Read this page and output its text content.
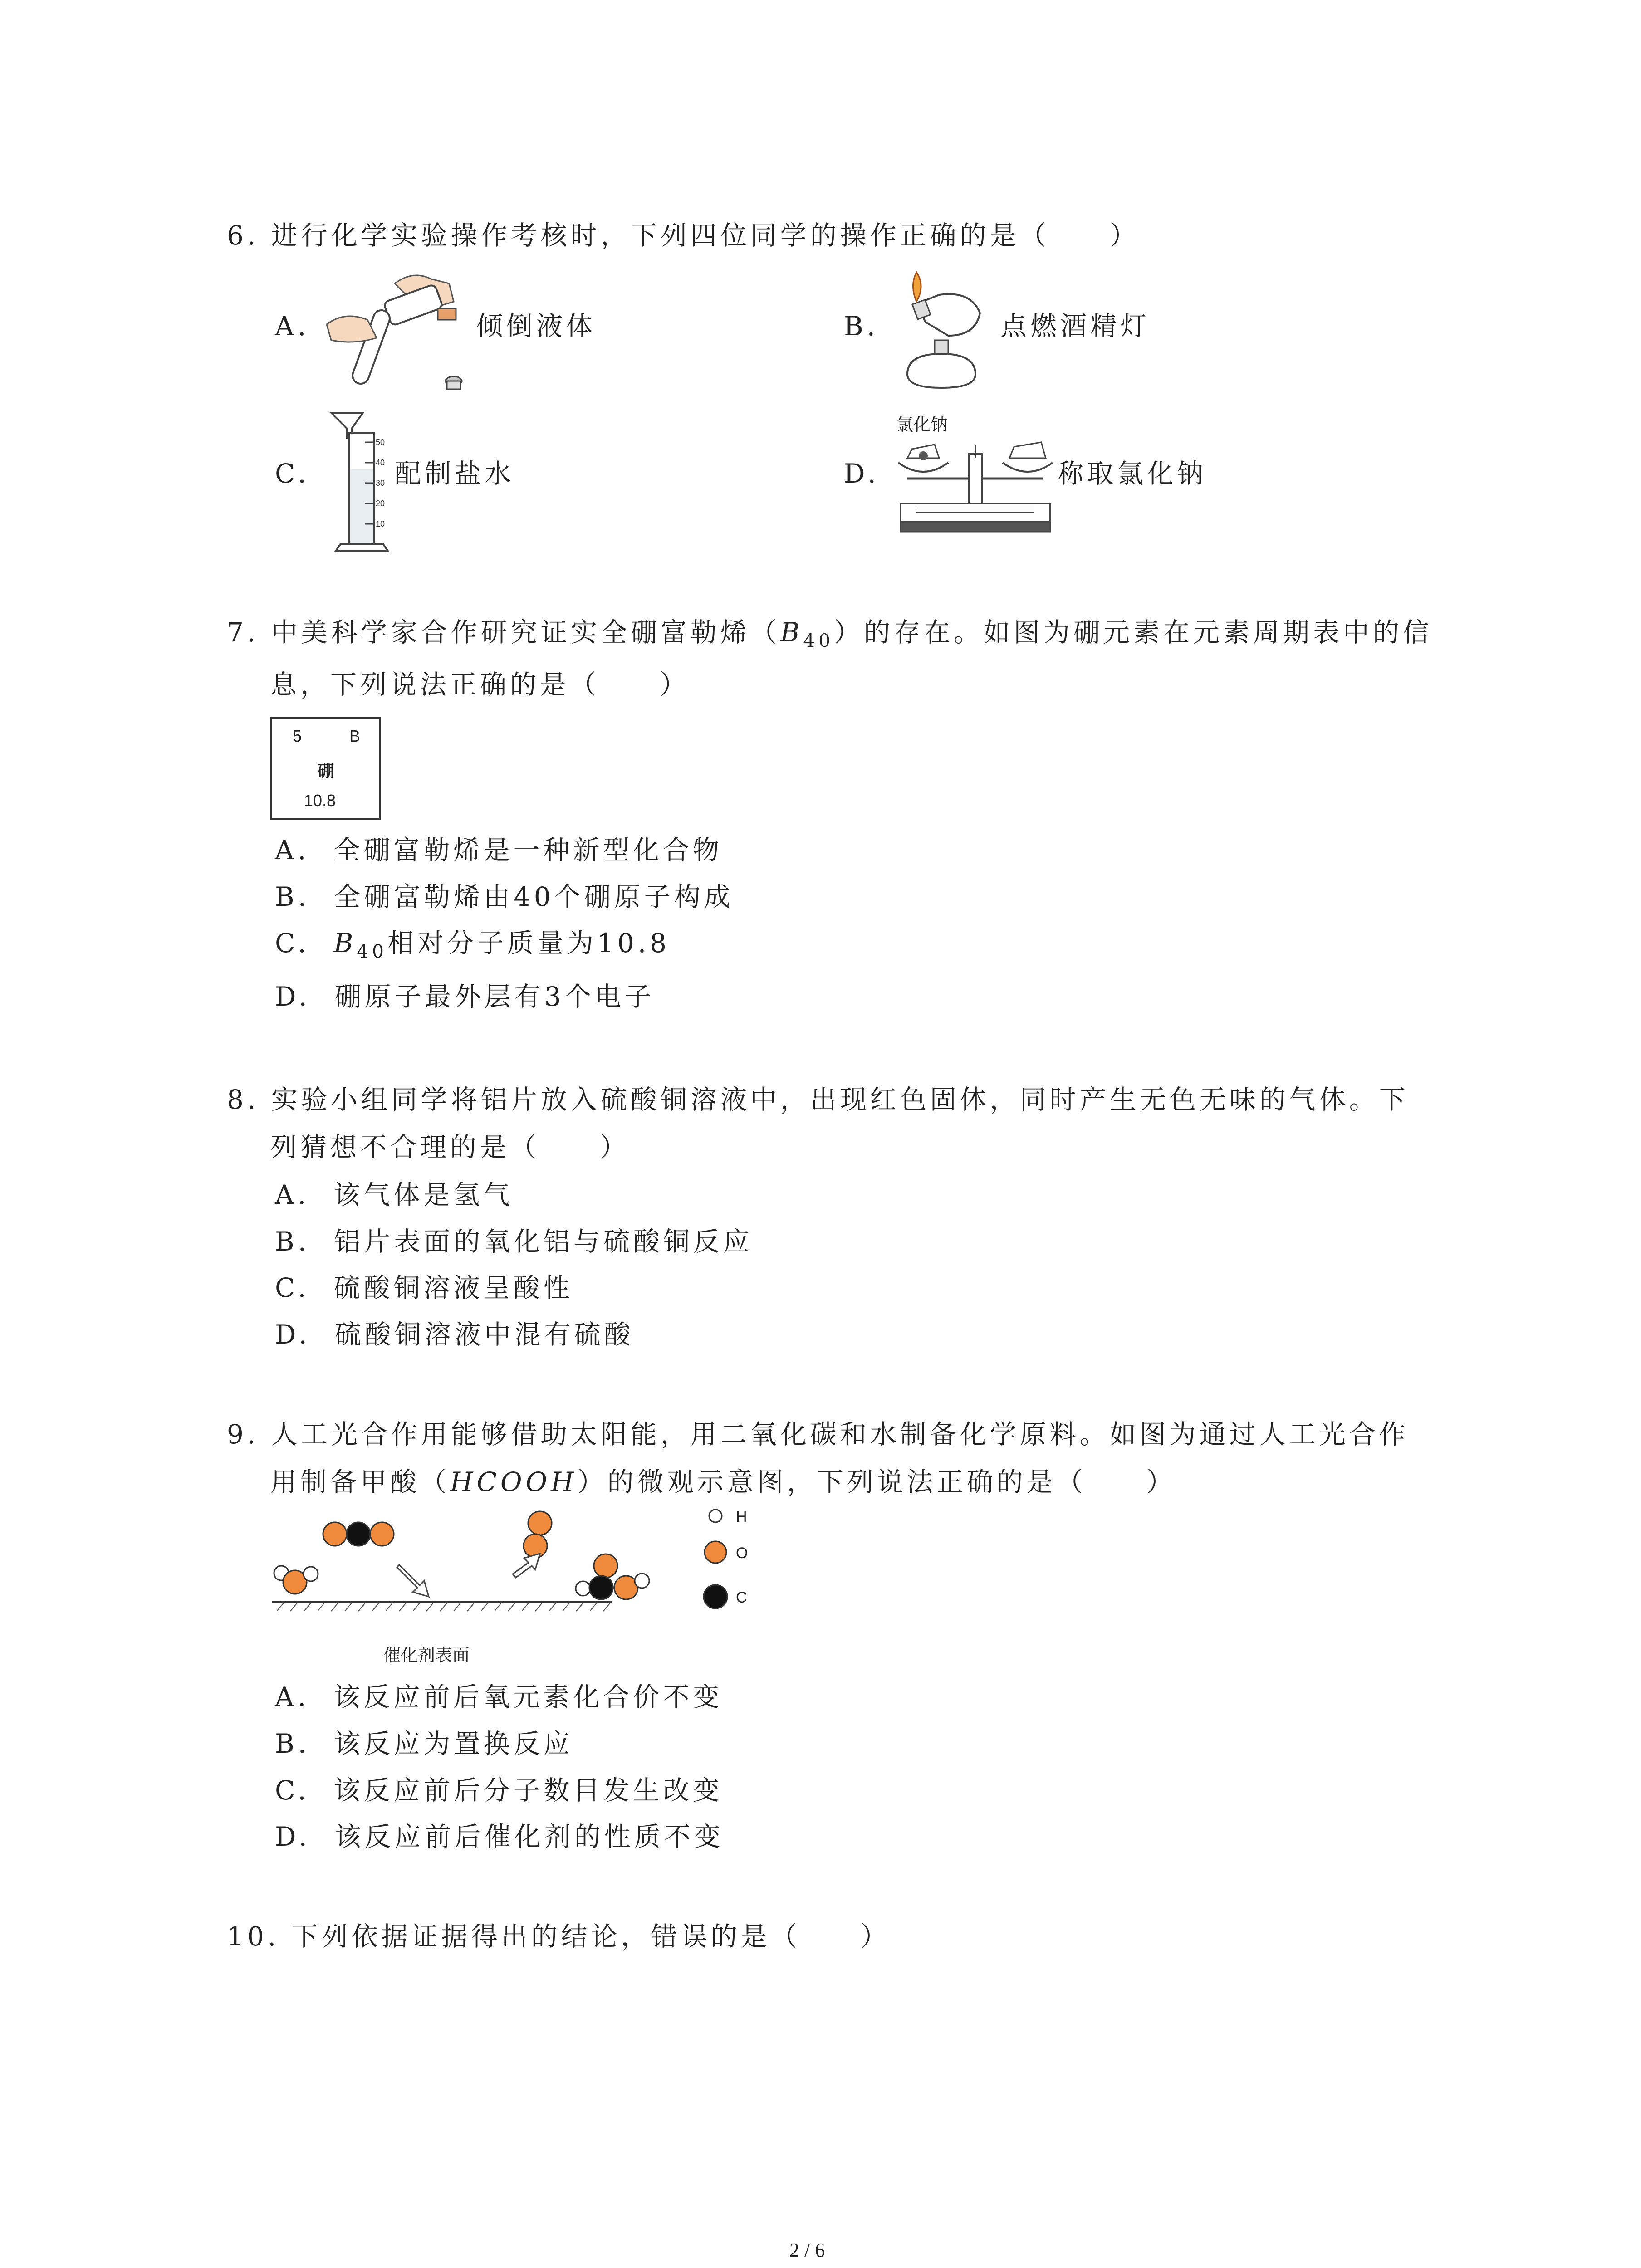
6. 进行化学实验操作考核时，下列四位同学的操作正确的是（　　）
A.	倾倒液体	B.	点燃酒精灯
C.
50
40
30
20
10
配制盐水	D.
氯化钠
称取氯化钠
7. 中美科学家合作研究证实全硼富勒烯$(B_{40})$的存在。如图为硼元素在元素周期表中的信
息，下列说法正确的是（　　）
5	B
硼
10.8
A. 全硼富勒烯是一种新型化合物
B. 全硼富勒烯由40个硼原子构成
C. $B_{40}$相对分子质量为10.8
D. 硼原子最外层有3个电子
8. 实验小组同学将铝片放入硫酸铜溶液中，出现红色固体，同时产生无色无味的气体。下
列猜想不合理的是（　　）
A. 该气体是氢气
B. 铝片表面的氧化铝与硫酸铜反应
C. 硫酸铜溶液呈酸性
D. 硫酸铜溶液中混有硫酸
9. 人工光合作用能够借助太阳能，用二氧化碳和水制备化学原料。如图为通过人工光合作
用制备甲酸（HCOOH）的微观示意图，下列说法正确的是（　　）
H
O
C
催化剂表面
A. 该反应前后氧元素化合价不变
B. 该反应为置换反应
C. 该反应前后分子数目发生改变
D. 该反应前后催化剂的性质不变
10. 下列依据证据得出的结论，错误的是（　　）
2 / 6
